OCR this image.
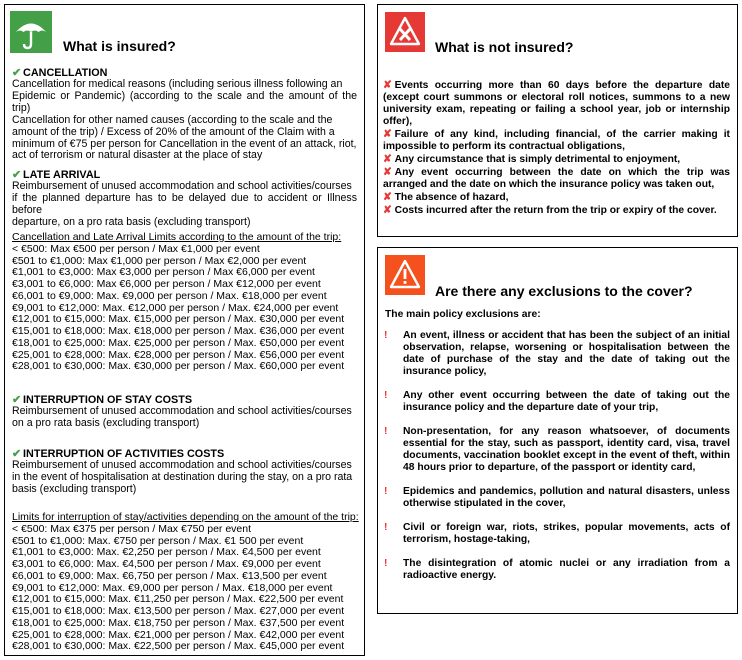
What is insured?
✔ CANCELLATION
Cancellation for medical reasons (including serious illness following an
Epidemic or Pandemic) (according to the scale and the amount of the trip)
Cancellation for other named causes (according to the scale and the
amount of the trip) / Excess of 20% of the amount of the Claim with a
minimum of €75 per person for Cancellation in the event of an attack, riot,
act of terrorism or natural disaster at the place of stay
✔ LATE ARRIVAL
Reimbursement of unused accommodation and school activities/courses
if the planned departure has to be delayed due to accident or Illness before
departure, on a pro rata basis (excluding transport)
Cancellation and Late Arrival Limits according to the amount of the trip:
< €500: Max €500 per person / Max €1,000 per event
€501 to €1,000: Max €1,000 per person / Max €2,000 per event
€1,001 to €3,000: Max €3,000 per person / Max €6,000 per event
€3,001 to €6,000: Max €6,000 per person / Max €12,000 per event
€6,001 to €9,000: Max. €9,000 per person / Max. €18,000 per event
€9,001 to €12,000: Max. €12,000 per person / Max. €24,000 per event
€12,001 to €15,000: Max. €15,000 per person / Max. €30,000 per event
€15,001 to €18,000: Max. €18,000 per person / Max. €36,000 per event
€18,001 to €25,000: Max. €25,000 per person / Max. €50,000 per event
€25,001 to €28,000: Max. €28,000 per person / Max. €56,000 per event
€28,001 to €30,000: Max. €30,000 per person / Max. €60,000 per event
✔ INTERRUPTION OF STAY COSTS
Reimbursement of unused accommodation and school activities/courses
on a pro rata basis (excluding transport)
✔ INTERRUPTION OF ACTIVITIES COSTS
Reimbursement of unused accommodation and school activities/courses
in the event of hospitalisation at destination during the stay, on a pro rata
basis (excluding transport)
Limits for interruption of stay/activities depending on the amount of the trip:
< €500: Max €375 per person / Max €750 per event
€501 to €1,000: Max. €750 per person / Max. €1 500 per event
€1,001 to €3,000: Max. €2,250 per person / Max. €4,500 per event
€3,001 to €6,000: Max. €4,500 per person / Max. €9,000 per event
€6,001 to €9,000: Max. €6,750 per person / Max. €13,500 per event
€9,001 to €12,000: Max. €9,000 per person / Max. €18,000 per event
€12,001 to €15,000: Max. €11,250 per person / Max. €22,500 per event
€15,001 to €18,000: Max. €13,500 per person / Max. €27,000 per event
€18,001 to €25,000: Max. €18,750 per person / Max. €37,500 per event
€25,001 to €28,000: Max. €21,000 per person / Max. €42,000 per event
€28,001 to €30,000: Max. €22,500 per person / Max. €45,000 per event
What is not insured?
✘ Events occurring more than 60 days before the departure date (except court summons or electoral roll notices, summons to a new university exam, repeating or failing a school year, job or internship offer),
✘ Failure of any kind, including financial, of the carrier making it impossible to perform its contractual obligations,
✘ Any circumstance that is simply detrimental to enjoyment,
✘ Any event occurring between the date on which the trip was arranged and the date on which the insurance policy was taken out,
✘ The absence of hazard,
✘ Costs incurred after the return from the trip or expiry of the cover.
Are there any exclusions to the cover?
The main policy exclusions are:
! An event, illness or accident that has been the subject of an initial observation, relapse, worsening or hospitalisation between the date of purchase of the stay and the date of taking out the insurance policy,
! Any other event occurring between the date of taking out the insurance policy and the departure date of your trip,
! Non-presentation, for any reason whatsoever, of documents essential for the stay, such as passport, identity card, visa, travel documents, vaccination booklet except in the event of theft, within 48 hours prior to departure, of the passport or identity card,
! Epidemics and pandemics, pollution and natural disasters, unless otherwise stipulated in the cover,
! Civil or foreign war, riots, strikes, popular movements, acts of terrorism, hostage-taking,
! The disintegration of atomic nuclei or any irradiation from a radioactive energy.
